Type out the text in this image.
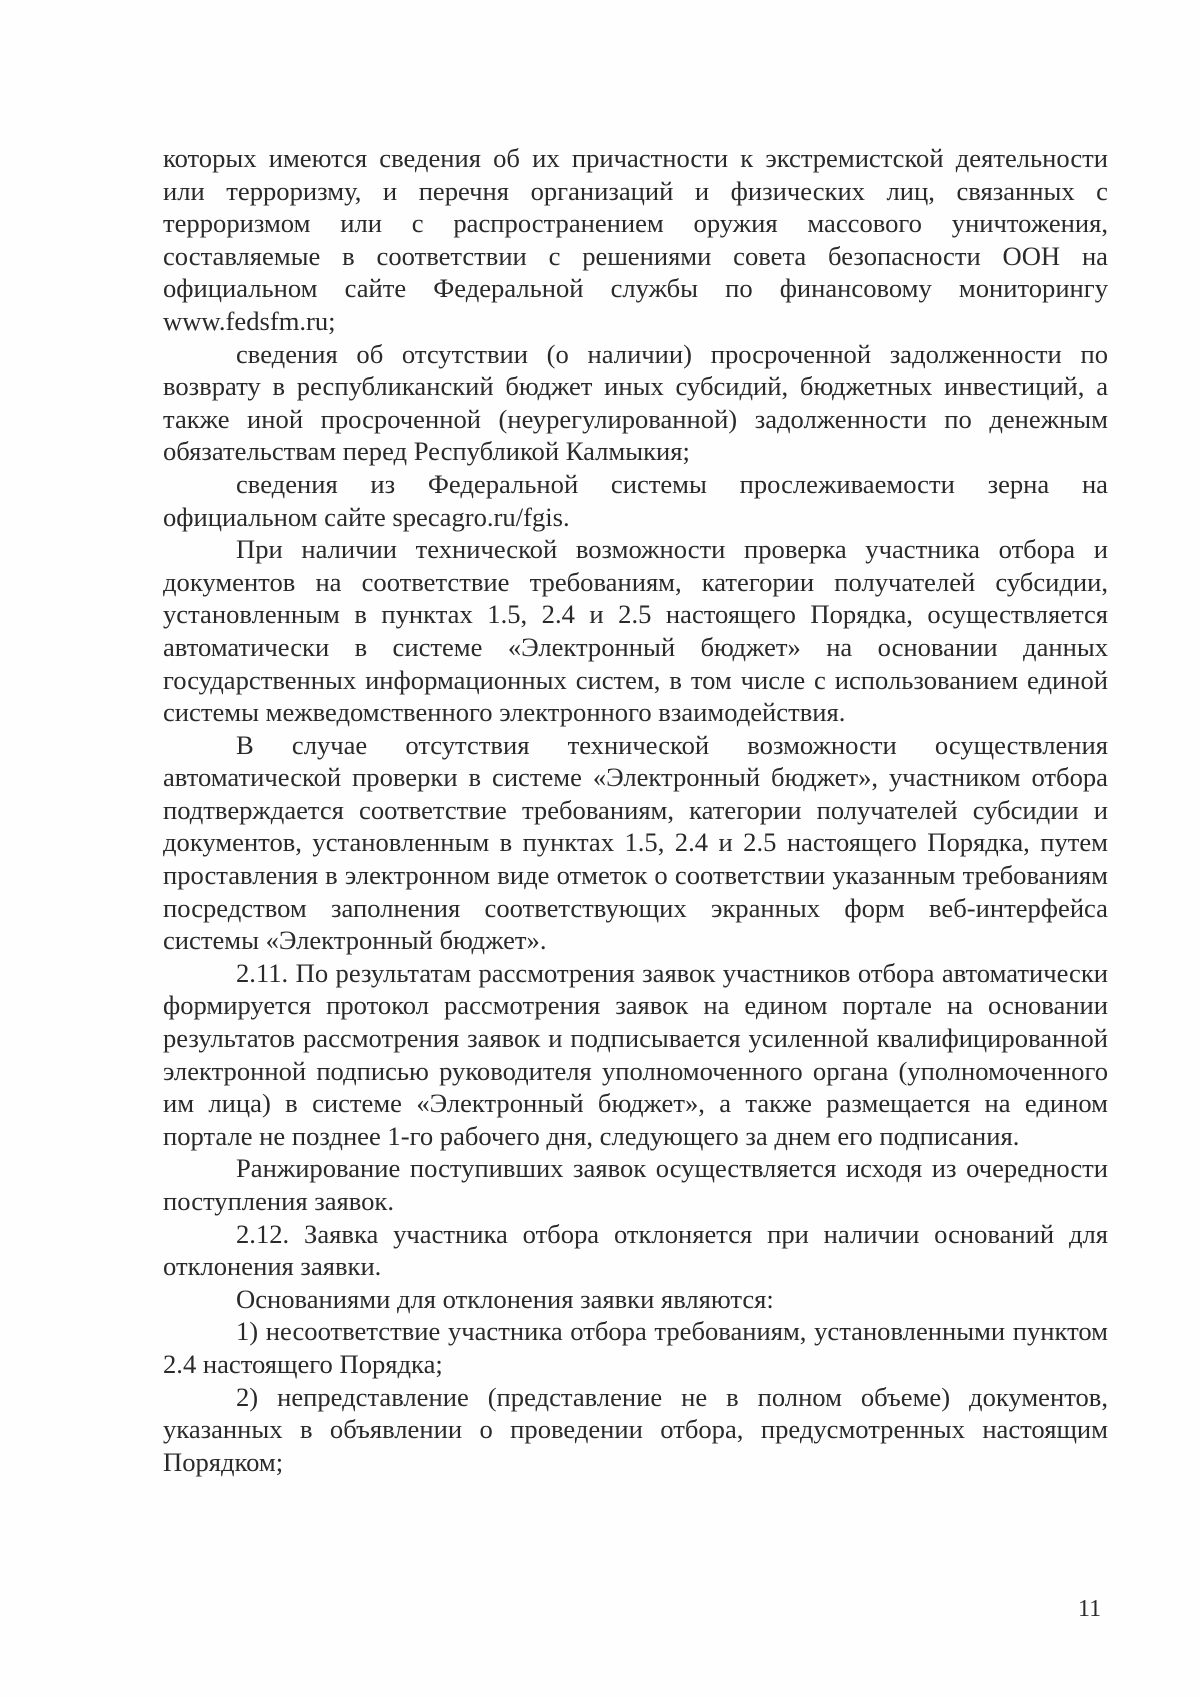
которых имеются сведения об их причастности к экстремистской деятельности или терроризму, и перечня организаций и физических лиц, связанных с терроризмом или с распространением оружия массового уничтожения, составляемые в соответствии с решениями совета безопасности ООН на официальном сайте Федеральной службы по финансовому мониторингу www.fedsfm.ru;

сведения об отсутствии (о наличии) просроченной задолженности по возврату в республиканский бюджет иных субсидий, бюджетных инвестиций, а также иной просроченной (неурегулированной) задолженности по денежным обязательствам перед Республикой Калмыкия;

сведения из Федеральной системы прослеживаемости зерна на официальном сайте specagro.ru/fgis.

При наличии технической возможности проверка участника отбора и документов на соответствие требованиям, категории получателей субсидии, установленным в пунктах 1.5, 2.4 и 2.5 настоящего Порядка, осуществляется автоматически в системе «Электронный бюджет» на основании данных государственных информационных систем, в том числе с использованием единой системы межведомственного электронного взаимодействия.

В случае отсутствия технической возможности осуществления автоматической проверки в системе «Электронный бюджет», участником отбора подтверждается соответствие требованиям, категории получателей субсидии и документов, установленным в пунктах 1.5, 2.4 и 2.5 настоящего Порядка, путем проставления в электронном виде отметок о соответствии указанным требованиям посредством заполнения соответствующих экранных форм веб-интерфейса системы «Электронный бюджет».

2.11. По результатам рассмотрения заявок участников отбора автоматически формируется протокол рассмотрения заявок на едином портале на основании результатов рассмотрения заявок и подписывается усиленной квалифицированной электронной подписью руководителя уполномоченного органа (уполномоченного им лица) в системе «Электронный бюджет», а также размещается на едином портале не позднее 1-го рабочего дня, следующего за днем его подписания.

Ранжирование поступивших заявок осуществляется исходя из очередности поступления заявок.

2.12. Заявка участника отбора отклоняется при наличии оснований для отклонения заявки.

Основаниями для отклонения заявки являются:

1) несоответствие участника отбора требованиям, установленными пунктом 2.4 настоящего Порядка;

2) непредставление (представление не в полном объеме) документов, указанных в объявлении о проведении отбора, предусмотренных настоящим Порядком;

11
